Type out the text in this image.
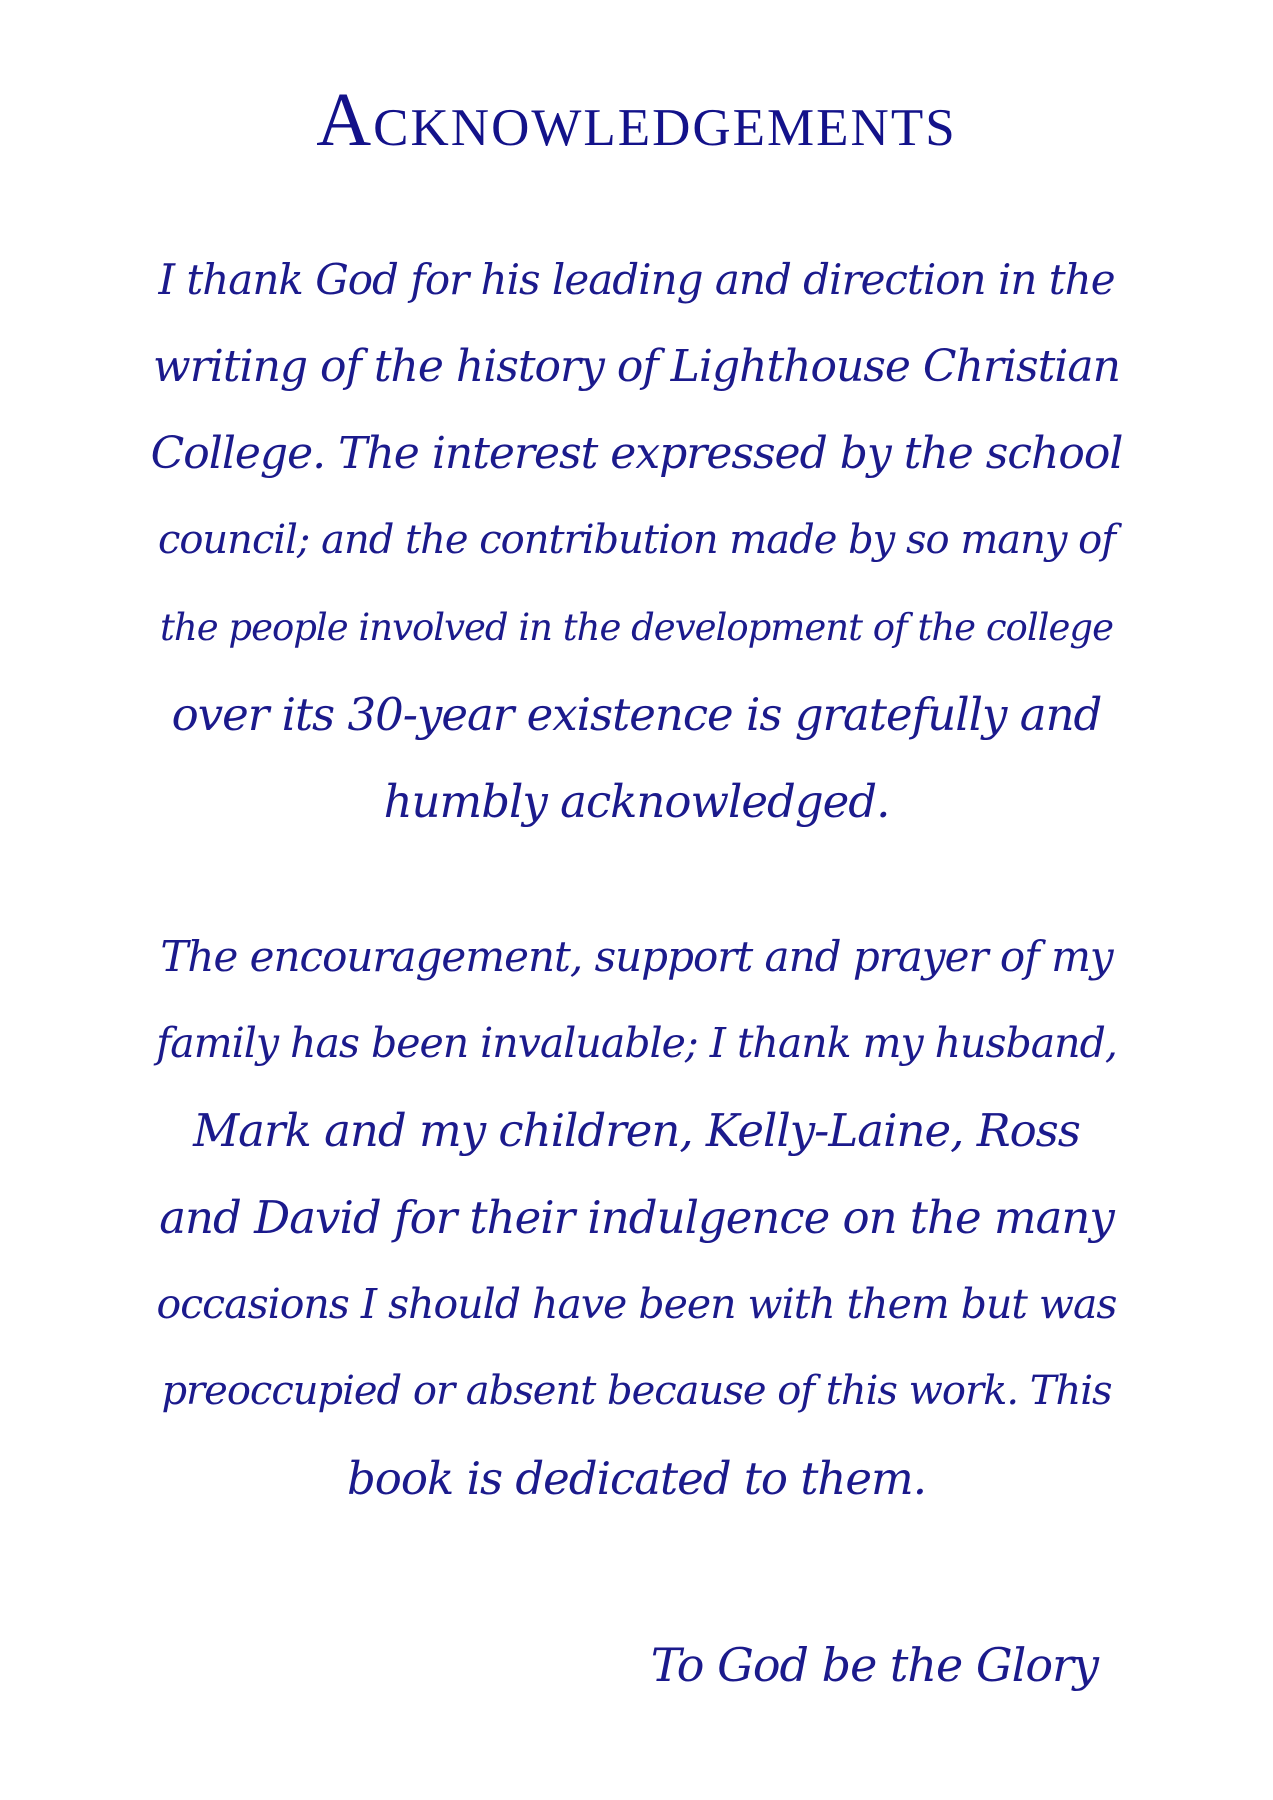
Acknowledgements
I thank God for his leading and direction in the
writing of the history of Lighthouse Christian
College. The interest expressed by the school
council; and the contribution made by so many of
the people involved in the development of the college
over its 30-year existence is gratefully and
humbly acknowledged.
The encouragement, support and prayer of my
family has been invaluable; I thank my husband,
Mark and my children, Kelly-Laine, Ross
and David for their indulgence on the many
occasions I should have been with them but was
preoccupied or absent because of this work. This
book is dedicated to them.
To God be the Glory
